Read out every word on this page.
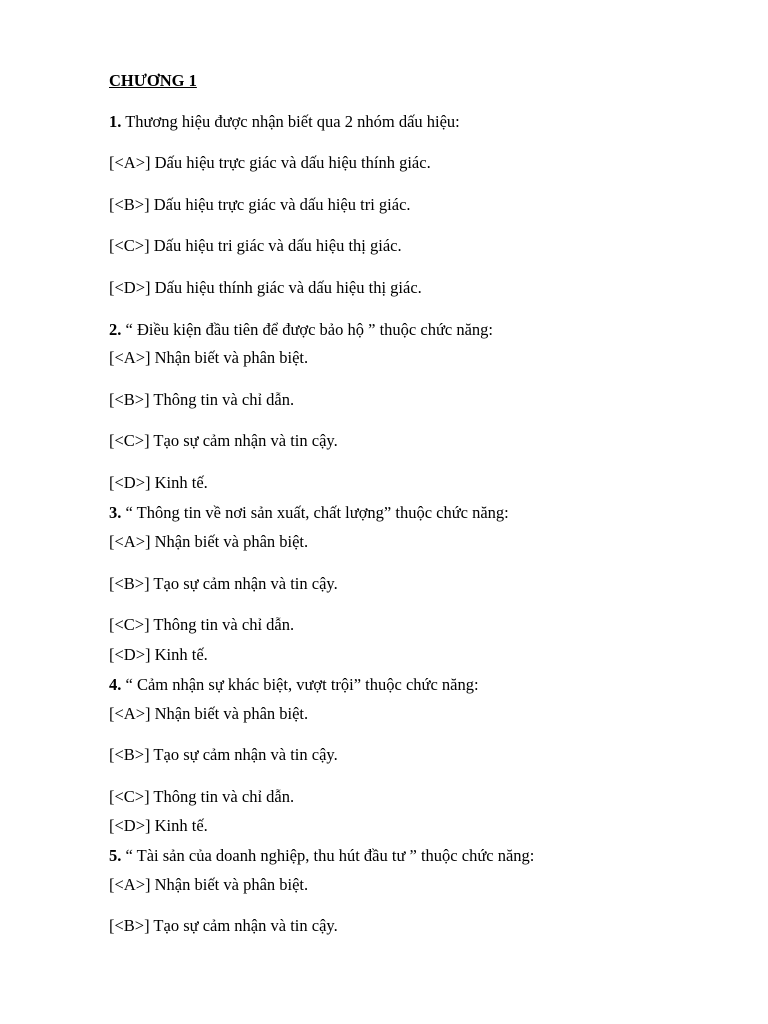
CHƯƠNG 1
1. Thương hiệu được nhận biết qua 2 nhóm dấu hiệu:
[<A>] Dấu hiệu trực giác và dấu hiệu thính giác.
[<B>] Dấu hiệu trực giác và dấu hiệu tri giác.
[<C>] Dấu hiệu tri giác và dấu hiệu thị giác.
[<D>] Dấu hiệu thính giác và dấu hiệu thị giác.
2. “ Điều kiện đầu tiên để được bảo hộ ” thuộc chức năng:
[<A>] Nhận biết và phân biệt.
[<B>] Thông tin và chỉ dẫn.
[<C>] Tạo sự cảm nhận và tin cậy.
[<D>] Kinh tế.
3. “ Thông tin về nơi sản xuất, chất lượng” thuộc chức năng:
[<A>] Nhận biết và phân biệt.
[<B>] Tạo sự cảm nhận và tin cậy.
[<C>] Thông tin và chỉ dẫn.
[<D>] Kinh tế.
4. “ Cảm nhận sự khác biệt, vượt trội” thuộc chức năng:
[<A>] Nhận biết và phân biệt.
[<B>] Tạo sự cảm nhận và tin cậy.
[<C>] Thông tin và chỉ dẫn.
[<D>] Kinh tế.
5. “ Tài sản của doanh nghiệp, thu hút đầu tư ” thuộc chức năng:
[<A>] Nhận biết và phân biệt.
[<B>] Tạo sự cảm nhận và tin cậy.
